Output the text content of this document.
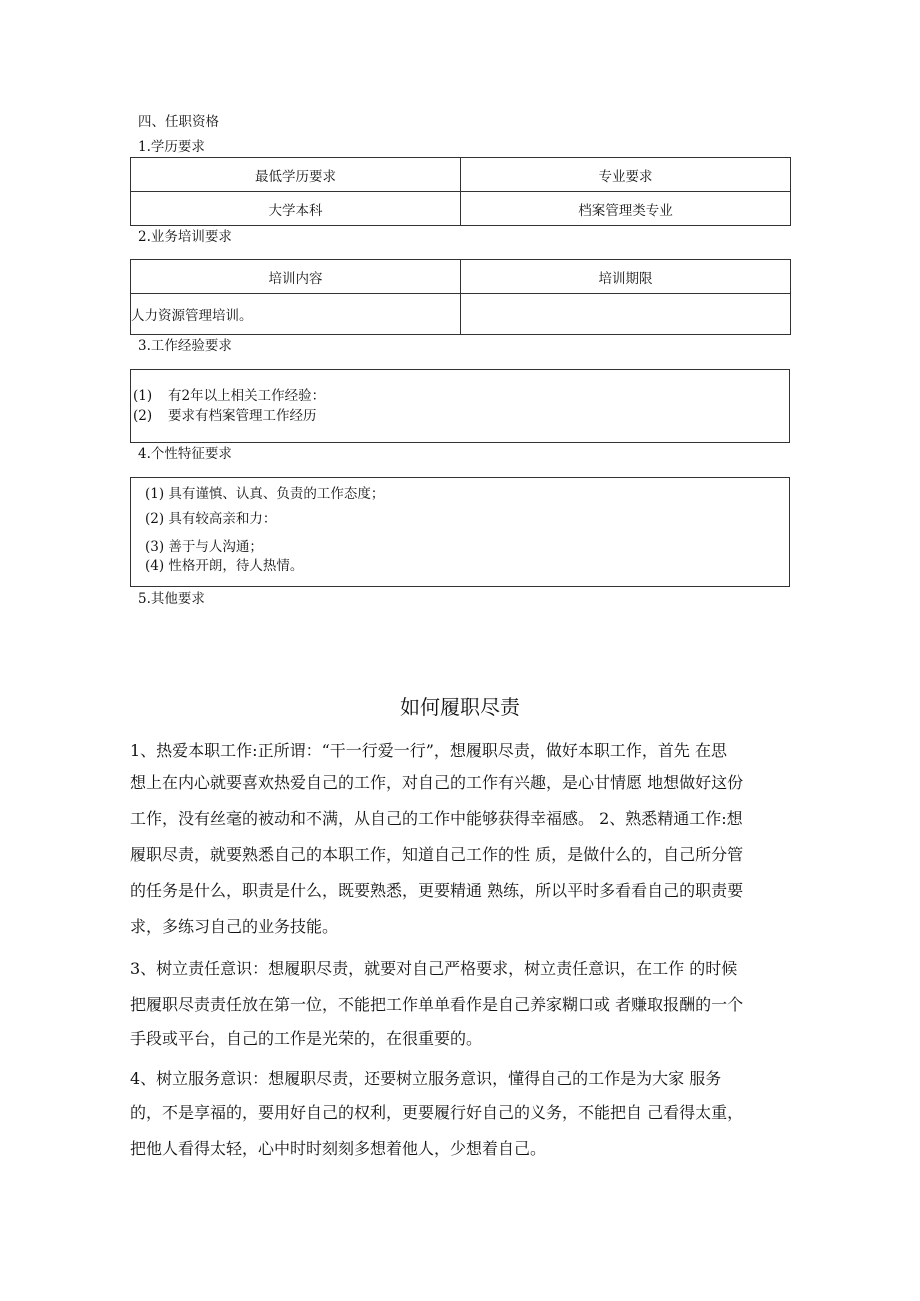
四、任职资格
1.学历要求
最低学历要求	专业要求
大学本科	档案管理类专业
2.业务培训要求
培训内容	培训期限
人力资源管理培训。	
3.工作经验要求
(1) 有2年以上相关工作经验：
(2) 要求有档案管理工作经历
4.个性特征要求
(1) 具有谨慎、认真、负责的工作态度；
(2) 具有较高亲和力：
(3) 善于与人沟通；
(4) 性格开朗，待人热情。
5.其他要求
如何履职尽责
1、热爱本职工作:正所谓：“干一行爱一行”，想履职尽责，做好本职工作，首先 在思
想上在内心就要喜欢热爱自己的工作，对自己的工作有兴趣，是心甘情愿 地想做好这份
工作，没有丝毫的被动和不满，从自己的工作中能够获得幸福感。 2、熟悉精通工作:想
履职尽责，就要熟悉自己的本职工作，知道自己工作的性 质，是做什么的，自己所分管
的任务是什么，职责是什么，既要熟悉，更要精通 熟练，所以平时多看看自己的职责要
求，多练习自己的业务技能。
3、树立责任意识：想履职尽责，就要对自己严格要求，树立责任意识，在工作 的时候
把履职尽责责任放在第一位，不能把工作单单看作是自己养家糊口或 者赚取报酬的一个
手段或平台，自己的工作是光荣的，在很重要的。
4、树立服务意识：想履职尽责，还要树立服务意识，懂得自己的工作是为大家 服务
的，不是享福的，要用好自己的权利，更要履行好自己的义务，不能把自 己看得太重，
把他人看得太轻，心中时时刻刻多想着他人，少想着自己。
